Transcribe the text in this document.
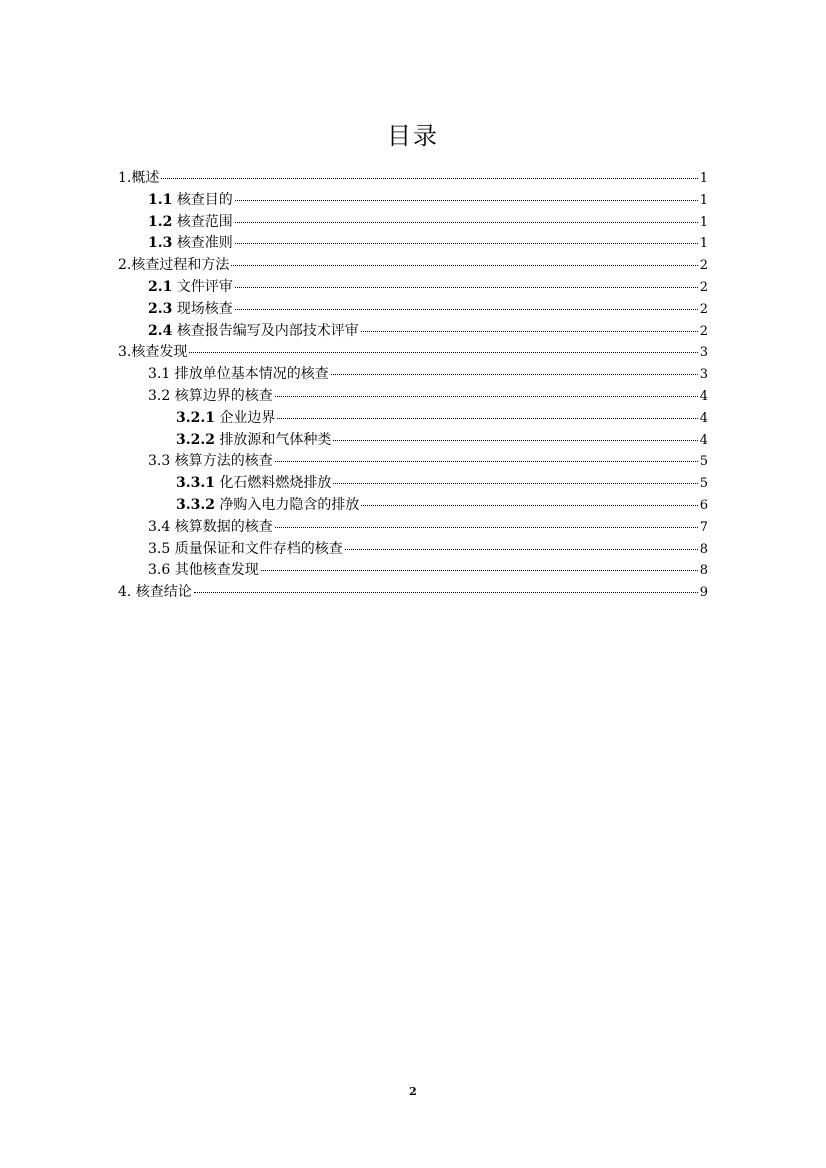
目录
1.概述	1
1.1 核查目的	1
1.2 核查范围	1
1.3 核查准则	1
2.核查过程和方法	2
2.1 文件评审	2
2.3 现场核查	2
2.4 核查报告编写及内部技术评审	2
3.核查发现	3
3.1 排放单位基本情况的核查	3
3.2 核算边界的核查	4
3.2.1 企业边界	4
3.2.2 排放源和气体种类	4
3.3 核算方法的核查	5
3.3.1 化石燃料燃烧排放	5
3.3.2 净购入电力隐含的排放	6
3.4 核算数据的核查	7
3.5 质量保证和文件存档的核查	8
3.6 其他核查发现	8
4. 核查结论	9
2
